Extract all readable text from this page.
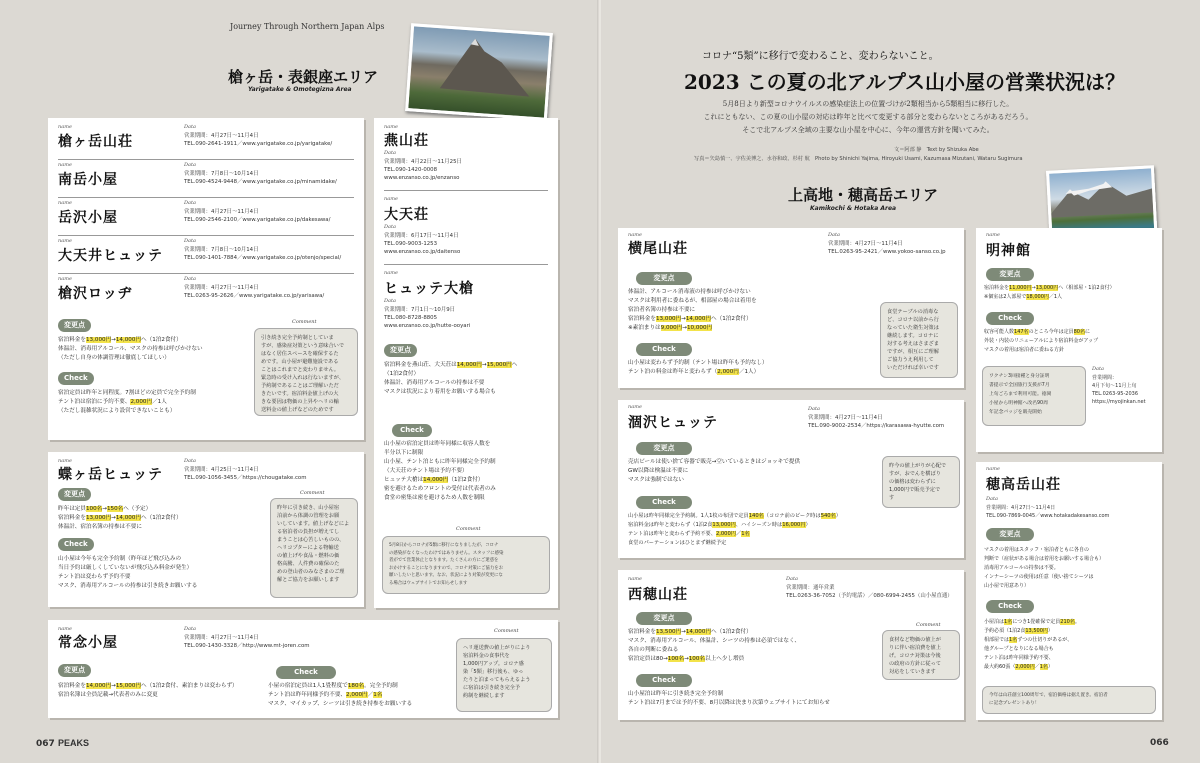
Journey Through Northern Japan Alps
槍ヶ岳・表銀座エリア
Yarigatake & Omotegizna Area
name
槍ヶ岳山荘
Data
営業期間：4月27日～11月4日
TEL.090-2641-1911／www.yarigatake.co.jp/yarigatake/
name
南岳小屋
Data
営業期間：7月8日～10月14日
TEL.090-4524-9448／www.yarigatake.co.jp/minamidake/
name
岳沢小屋
Data
営業期間：4月27日～11月4日
TEL.090-2546-2100／www.yarigatake.co.jp/dakesawa/
name
大天井ヒュッテ
Data
営業期間：7月8日～10月14日
TEL.090-1401-7884／www.yarigatake.co.jp/otenjo/special/
name
槍沢ロッヂ
Data
営業期間：4月27日～11月4日
TEL.0263-95-2626／www.yarigatake.co.jp/yarisawa/
変更点
宿泊料金を13,000円→14,000円へ（1泊2食付）
体温計、消毒用アルコール、マスクの持参は呼びかけない
（ただし自身の体調管理は徹底してほしい）
Check
宿泊定員は昨年と同程度。7割ほどの定員で完全予約制
テント泊は宿泊に予約不要、2,000円／1人
（ただし混雑状況により設営できないことも）
Comment
引き続き完全予約制としていま
すが、感染症対策という意味合いで
はなく居住スペースを確保するた
めです。山小屋が避難施設である
ことはこれまでと変わりません。
緊急時の受け入れは行ないますが、
予約制であることはご理解いただ
きたいです。宿泊料金値上げの大
きな要因は物価の上昇やヘリの輸
送料金の値上げなどのためです
name
蝶ヶ岳ヒュッテ
Data
営業期間：4月25日～11月4日
TEL.090-1056-3455／https://chougatake.com
変更点
昨年は定員100名→150名へ（予定）
宿泊料金を13,000円→14,000円へ（1泊2食付）
体温計、宿泊名簿の持参は不要に
Check
山小屋は今年も完全予約制（昨年ほど飛び込みの
当日予約は厳しくしていないが飛び込み料金が発生）
テント泊は変わらず予約不要
マスク、消毒用アルコールの持参は引き続きお願いする
Comment
昨年に引き続き、山小屋宿
泊前から体調の管理をお願
いしています。値上げなどによ
る宿泊者の負担が増えてし
まうことは心苦しいものの、
ヘリコプターによる物輸送
の値上げや食品・燃料の価
格高騰、人件費の確保のた
めの登山者のみなさまのご理
解とご協力をお願いします
name
燕山荘
Data
営業期間：4月22日～11月25日
TEL.090-1420-0008
www.enzanso.co.jp/enzanso
name
大天荘
Data
営業期間：6月17日～11月4日
TEL.090-9003-1253
www.enzanso.co.jp/daitenso
name
ヒュッテ大槍
Data
営業期間：7月1日～10月9日
TEL.080-8728-8805
www.enzanso.co.jp/hutte-ooyari
変更点
宿泊料金を燕山荘、大天荘は14,000円→15,000円へ
（1泊2食付）
体温計、消毒用アルコールの持参は不要
マスクは状況により着用をお願いする場合も
Check
山小屋の宿泊定員は昨年同様に収容人数を
半分以下に制限
山小屋、テント泊ともに昨年同様完全予約制
（大天荘のテント場は予約不要）
ヒュッテ大槍は14,000円（1泊2食付）
密を避けるためフロントの受付は代表者のみ
食堂の密集は密を避けるため人数を制限
Comment
5月8日からコロナが5類に移行になりましたが、コロナ
の感染がなくなったわけではありません。スタッフに感染
者がでて営業休止となります。たくさんの方にご迷惑を
おかけすることになりますので、コロナ対策にご協力をお
願いしたいと思います。なお、状況により対策が変更にな
る場合はウェブサイトでお知らせします
name
常念小屋
Data
営業期間：4月27日～11月4日
TEL.090-1430-3328／http://www.mt-joren.com
変更点
宿泊料金を14,000円→15,000円へ（1泊2食付、素泊まりは変わらず）
宿泊名簿は全員記載→代表者のみに変更
Check
小屋の宿泊定員は1人1畳程度で180名。完全予約制
テント泊は昨年同様予約不要、2,000円／1名
マスク、マイカップ、シーツは引き続き持参をお願いする
Comment
ヘリ運送費の値上がりにより
宿泊料金の食事代を
1,000円アップ。コロナ感
染「5類」移行後も、ゆっ
たりと泊まってもらえるよう
に宿泊は引き続き完全予
約制を継続します
067 PEAKS
コロナ“5類”に移行で変わること、変わらないこと。
2023 この夏の北アルプス山小屋の営業状況は？
5月8日より新型コロナウイルスの感染症法上の位置づけが2類相当から5類相当に移行した。
これにともない、この夏の山小屋の対応は昨年と比べて変更する部分と変わらないところがあるだろう。
そこで北アルプス全域の主要な山小屋を中心に、今年の運営方針を聞いてみた。
文＝阿部 静　Text by Shizuka Abe
写真＝矢島慎一、宇佐美博之、水谷和政、杉村 航　Photo by Shinichi Yajima, Hiroyuki Usami, Kazumasa Mizutani, Wataru Sugimura
上高地・穂高岳エリア
Kamikochi & Hotaka Area
name
横尾山荘
Data
営業期間：4月27日～11月4日
TEL.0263-95-2421／www.yokoo-sanso.co.jp
変更点
体温計、アルコール消毒液の持参は呼びかけない
マスクは利用者に委ねるが、相部屋の場合は着用を
宿泊者名簿の持参は不要に
宿泊料金を13,000円→14,000円へ（1泊2食付）
※素泊まりは9,000円→10,000円
Check
山小屋は変わらず予約制（テント場は昨年も予約なし）
テント泊の料金は昨年と変わらず（2,000円／1人）
食堂テーブルの消毒な
ど、コロナ以前から行
なっていた衛生対策は
継続します。コロナに
対する考えはさまざま
ですが、相互にご理解
ご協力うえ利用して
いただければ幸いです
name
涸沢ヒュッテ
Data
営業期間：4月27日～11月4日
TEL.090-9002-2534／https://karasawa-hyutte.com
変更点
売店ビールは使い捨て容器で販売→空いているときはジョッキで提供
GW以降は検温は不要に
マスクは強制ではない
Check
山小屋は昨年同様完全予約制。1人1枚の布団で定員140名（コロナ前のピーク時は540名）
宿泊料金は昨年と変わらず（1泊2食13,000円、ハイシーズン時は16,000円）
テント泊は昨年と変わらず予約不要、2,000円／1名
食堂のパーテーションはひとまず継続予定
昨今の値上がりが心配で
すが、おでんを横ばり
の価格は変わらずに
1,000円で販売予定で
す
name
西穂山荘
Data
営業期間：通年営業
TEL.0263-36-7052（予約電話）／080-6994-2455（山小屋直通）
変更点
宿泊料金を13,500円→14,000円へ（1泊2食付）
マスク、消毒用アルコール、体温計、シーツの持参は必須ではなく、
各自の判断に委ねる
宿泊定員は80→100名→100名以上へ少し増員
Check
山小屋泊は昨年に引き続き完全予約制
テント泊は7月までは予約不要、8月以降は決まり次第ウェブサイトにてお知らせ
Comment
食材など物価の値上が
りに伴い宿泊費を値上
げ。コロナ対策は今後
の政府の方針に従って
対応をしていきます
name
明神館
変更点
宿泊料金を11,000円→13,000円へ（相部屋・1泊2食付）
※個室は2人部屋で18,000円／1人
Check
収容可能人数147名のところ今年は定員80名に
外装・内装のリニューアルにより宿泊料金がアップ
マスクの着用は宿泊者に委ねる方針
ワクチン3回接種と身分証明
書提示で全国旅行支援が7月
上旬ごろまで利用可能。徳岡
小屋から明神館へ改名90周
年記念バッジを販売開始
Data
営業期間：
4月下旬～11月上旬
TEL.0263-95-2036
https://myojinkan.net
name
穂高岳山荘
Data
営業期間：4月27日～11月4日
TEL.090-7869-0045／www.hotakadakesanso.com
変更点
マスクの着用はスタッフ・宿泊者ともに各自の
判断で（症状がある場合は着用をお願いする場合も）
消毒用アルコールの持参は不要。
インナーシーツの使用は任意（使い捨てシーツは
山小屋で用意あり）
Check
小屋泊は1名につき1畳確保で定員210名。
予約必須（1泊2食13,500円）
相部屋では1名ずつの仕切りがあるが、
他グループとなりになる場合も
テント泊は昨年同様予約不要、
最大約60張（2,000円／1名）
今年は山荘創立100周年で、宿泊価格は据え置き。宿泊者
に記念プレゼントあり！
066
